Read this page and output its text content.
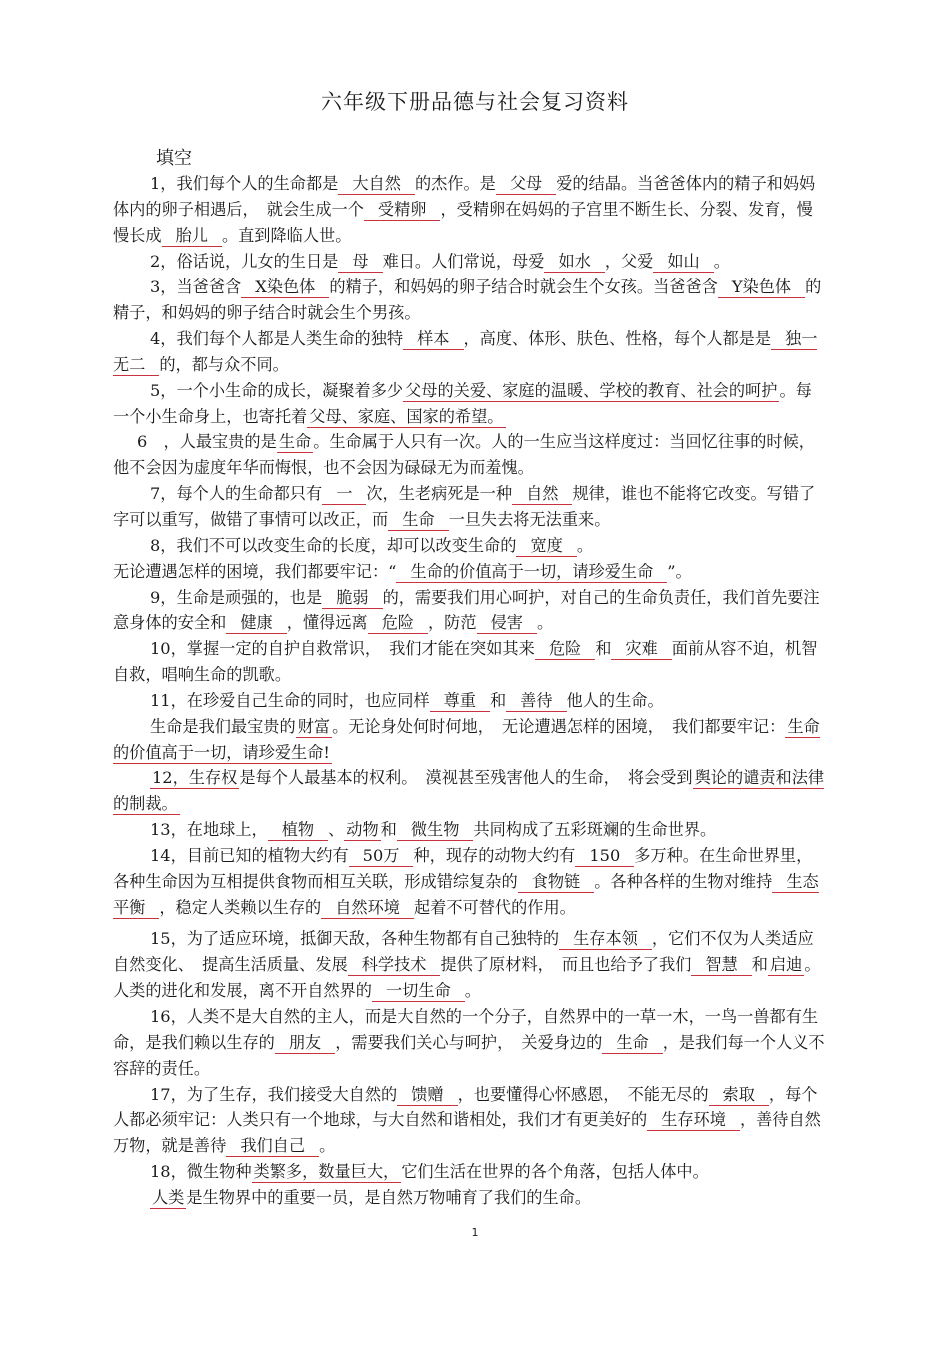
六年级下册品德与社会复习资料
填空

1，我们每个人的生命都是 大自然 的杰作。是 父母 爱的结晶。当爸爸体内的精子和妈妈体内的卵子相遇后，　就会生成一个 受精卵 ，受精卵在妈妈的子宫里不断生长、分裂、发育，慢慢长成 胎儿 。直到降临人世。

2，俗话说，儿女的生日是 母 难日。人们常说，母爱 如水 ，父爱 如山 。

3，当爸爸含 X染色体 的精子，和妈妈的卵子结合时就会生个女孩。当爸爸含 Y染色体 的精子，和妈妈的卵子结合时就会生个男孩。

4，我们每个人都是人类生命的独特 样本 ，高度、体形、肤色、性格，每个人都是是 独一无二 的，都与众不同。

5，一个小生命的成长，凝聚着多少 父母的关爱、家庭的温暖、学校的教育、社会的呵护 。每一个小生命身上，也寄托着 父母、家庭、国家的希望。

6　，人最宝贵的是 生命 。生命属于人只有一次。人的一生应当这样度过：当回忆往事的时候，他不会因为虚度年华而悔恨，也不会因为碌碌无为而羞愧。

7，每个人的生命都只有 一 次，生老病死是一种 自然 规律，谁也不能将它改变。写错了字可以重写，做错了事情可以改正，而 生命 一旦失去将无法重来。

8，我们不可以改变生命的长度，却可以改变生命的 宽度 。

无论遭遇怎样的困境，我们都要牢记：“ 生命的价值高于一切，请珍爱生命 ”。

9，生命是顽强的，也是 脆弱 的，需要我们用心呵护，对自己的生命负责任，我们首先要注意身体的安全和 健康 ，懂得远离 危险 ，防范 侵害 。

10，掌握一定的自护自救常识，　我们才能在突如其来 危险 和 灾难 面前从容不迫，机智自救，唱响生命的凯歌。

11，在珍爱自己生命的同时，也应同样 尊重 和 善待 他人的生命。

生命是我们最宝贵的 财富 。无论身处何时何地，　无论遭遇怎样的困境，　我们都要牢记： 生命的价值高于一切，请珍爱生命!

12，生存权 是每个人最基本的权利。　漠视甚至残害他人的生命，　将会受到 舆论的谴责和法律的制裁。

13，在地球上， 植物 、 动物 和 微生物 共同构成了五彩斑斓的生命世界。

14，目前已知的植物大约有 50万 种，现存的动物大约有 150 多万种。在生命世界里，各种生命因为互相提供食物而相互关联，形成错综复杂的 食物链 。各种各样的生物对维持 生态平衡 ，稳定人类赖以生存的 自然环境 起着不可替代的作用。

15，为了适应环境，抵御天敌，各种生物都有自己独特的 生存本领 ，它们不仅为人类适应自然变化、　提高生活质量、发展 科学技术 提供了原材料，　而且也给予了我们 智慧 和 启迪 。人类的进化和发展，离不开自然界的 一切生命 。

16，人类不是大自然的主人，而是大自然的一个分子，自然界中的一草一木，一鸟一兽都有生命，是我们赖以生存的 朋友 ，需要我们关心与呵护，　关爱身边的 生命 ，是我们每一个人义不容辞的责任。

17，为了生存，我们接受大自然的 馈赠 ，也要懂得心怀感恩，　不能无尽的 索取 ，每个人都必须牢记：人类只有一个地球，与大自然和谐相处，我们才有更美好的 生存环境 ，善待自然万物，就是善待 我们自己 。

18，微生物种 类繁多，数量巨大， 它们生活在世界的各个角落，包括人体中。

人类 是生物界中的重要一员，是自然万物哺育了我们的生命。

1
